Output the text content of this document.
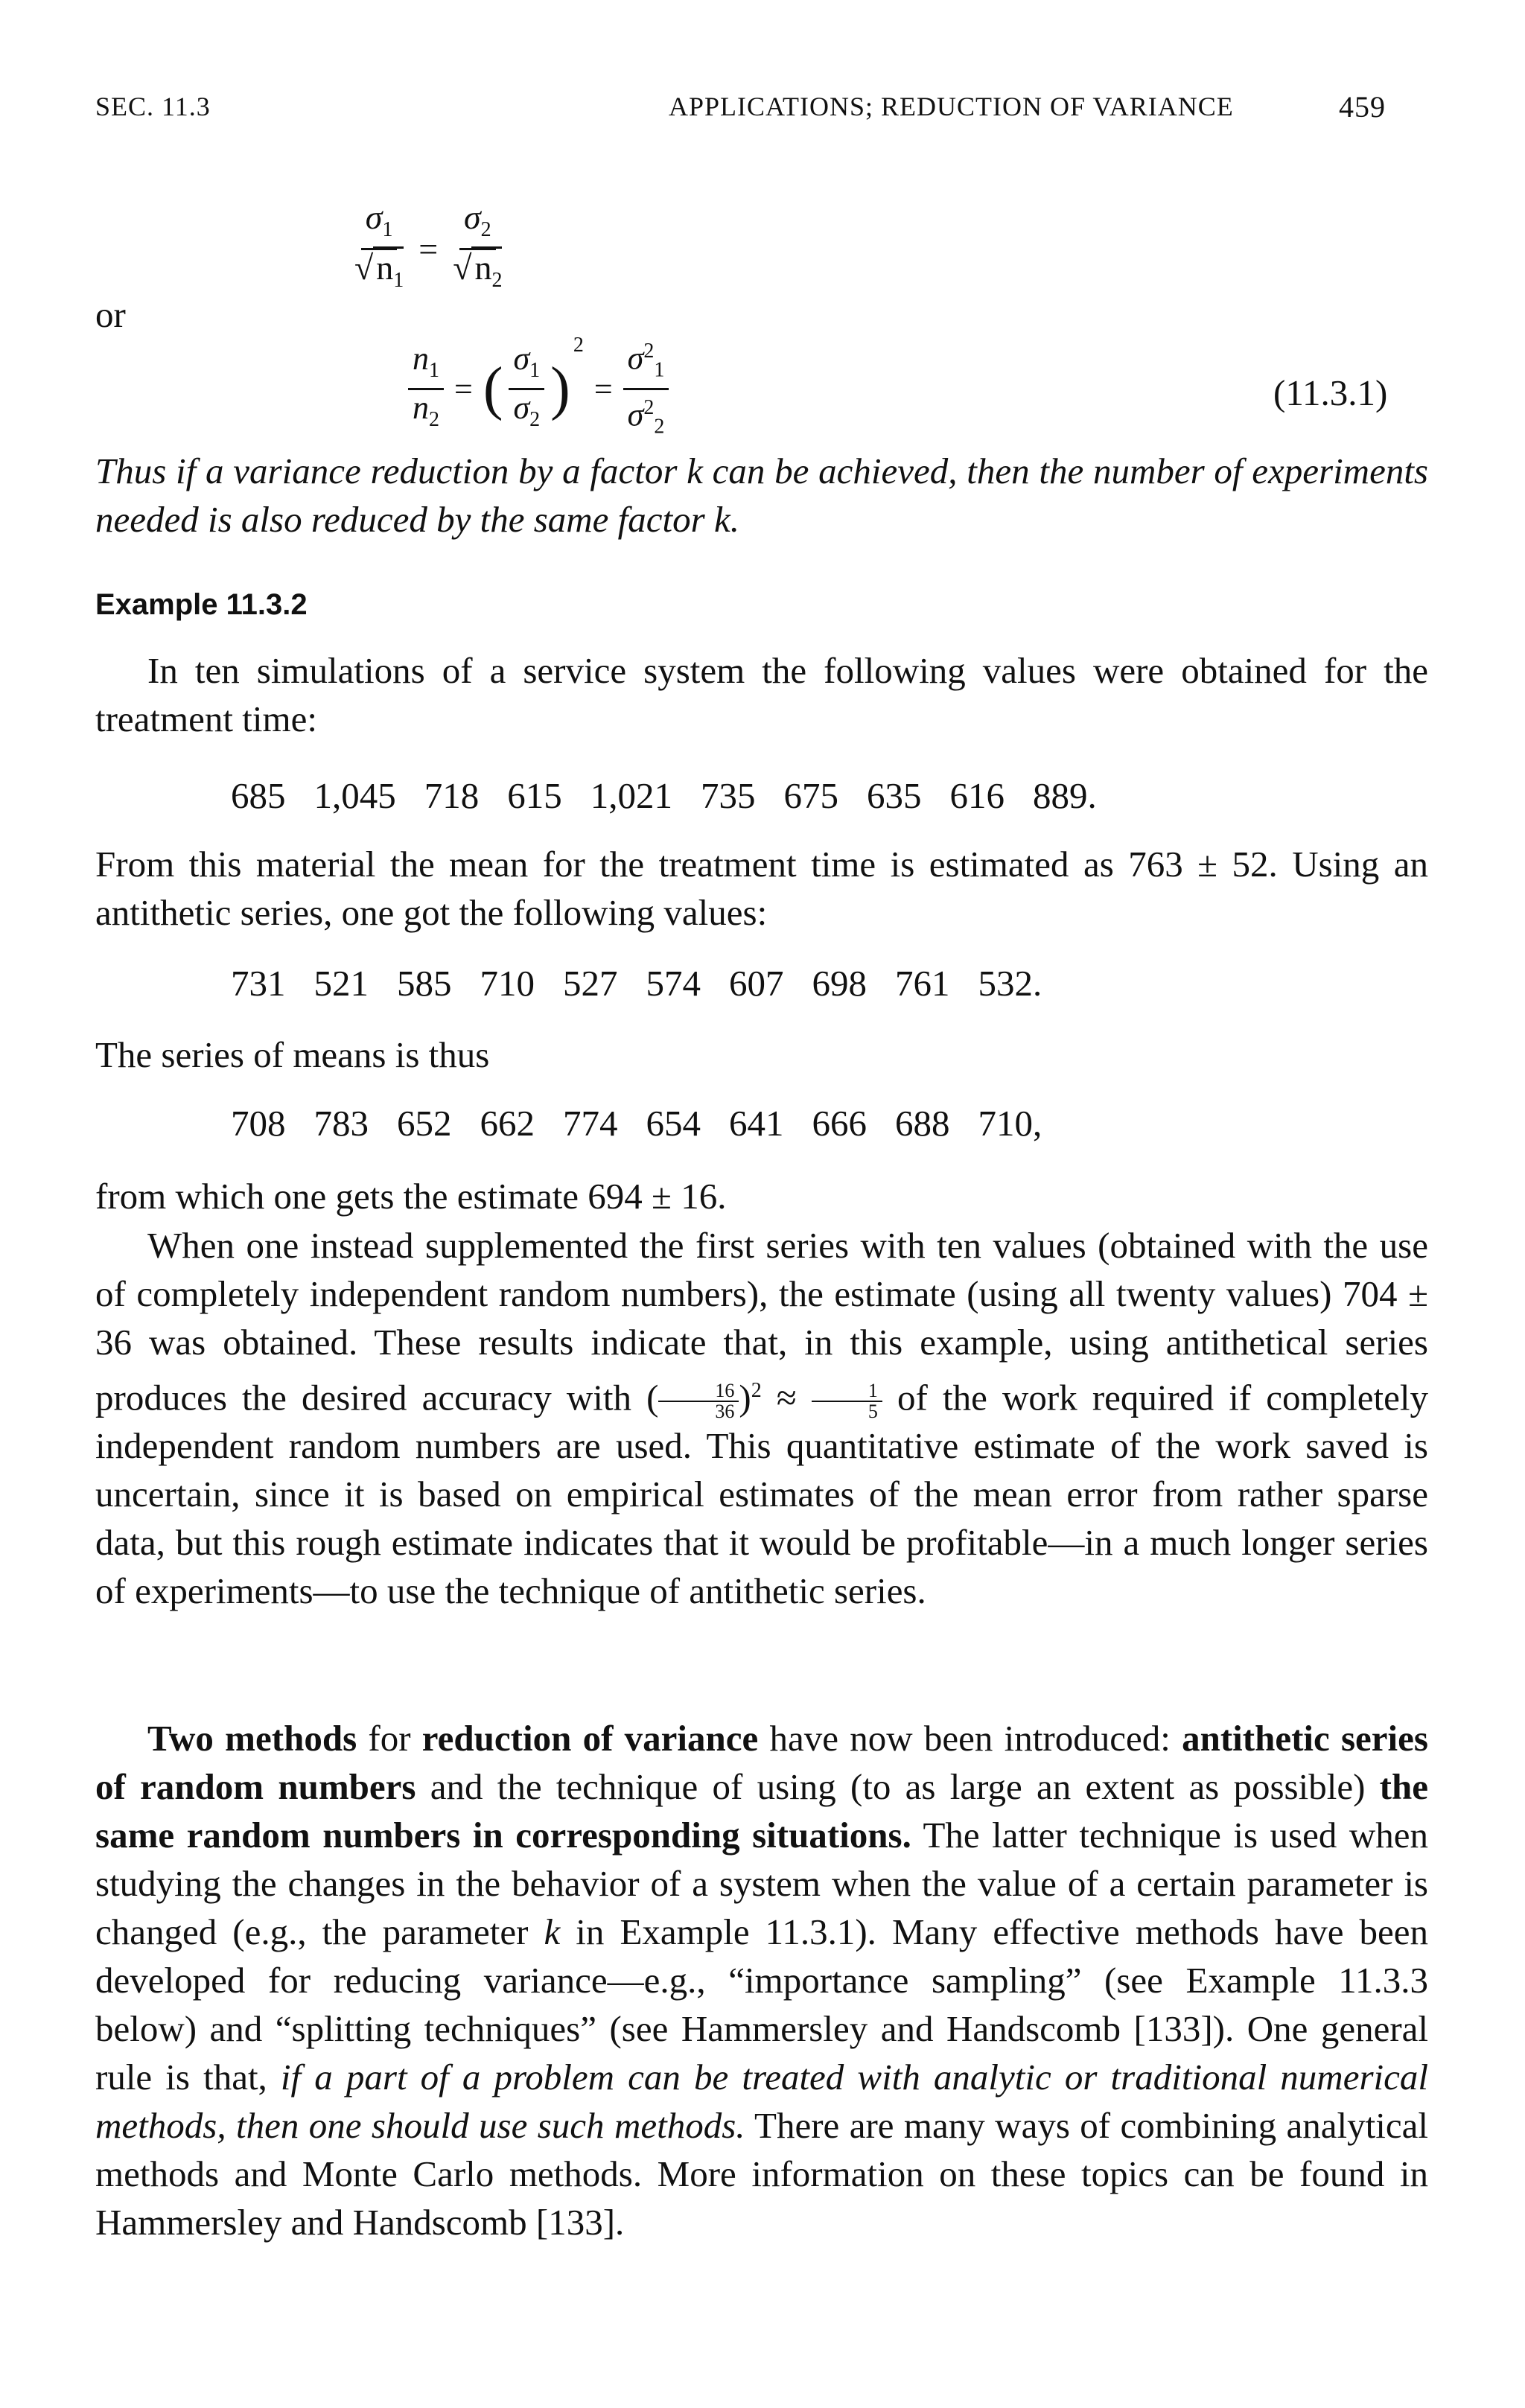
SEC. 11.3	APPLICATIONS; REDUCTION OF VARIANCE	459
$\frac{\sigma_1}{√n_1} = \frac{\sigma_2}{√n_2}$
or
$\frac{n_1}{n_2}$ = ( $\frac{\sigma_1}{\sigma_2}$ )
2
= $\frac{\sigma^2_1}{\sigma^2_2}$	(11.3.1)
Thus if a variance reduction by a factor k can be achieved, then the number of experiments needed is also reduced by the same factor k.
Example 11.3.2
In ten simulations of a service system the following values were obtained for the treatment time:
685 1,045 718 615 1,021 735 675 635 616 889.
From this material the mean for the treatment time is estimated as 763 ± 52. Using an antithetic series, one got the following values:
731 521 585 710 527 574 607 698 761 532.
The series of means is thus
708 783 652 662 774 654 641 666 688 710,
from which one gets the estimate 694 ± 16.
When one instead supplemented the first series with ten values (obtained with the use of completely independent random numbers), the estimate (using all twenty values) 704 ± 36 was obtained. These results indicate that, in this example, using antithetical series produces the desired accuracy with ( $\frac{16}{36} )^2 \approx \frac{1}{5}$ of the work required if completely independent random numbers are used. This quantitative estimate of the work saved is uncertain, since it is based on empirical estimates of the mean error from rather sparse data, but this rough estimate indicates that it would be profitable—in a much longer series of experiments—to use the technique of antithetic series.
Two methods for reduction of variance have now been introduced: antithetic series of random numbers and the technique of using (to as large an extent as possible) the same random numbers in corresponding situations. The latter technique is used when studying the changes in the behavior of a system when the value of a certain parameter is changed (e.g., the parameter k in Example 11.3.1). Many effective methods have been developed for reducing variance—e.g., “importance sampling” (see Example 11.3.3 below) and “splitting techniques” (see Hammersley and Handscomb [133]). One general rule is that, if a part of a problem can be treated with analytic or traditional numerical methods, then one should use such methods. There are many ways of combining analytical methods and Monte Carlo methods. More information on these topics can be found in Hammersley and Handscomb [133].
